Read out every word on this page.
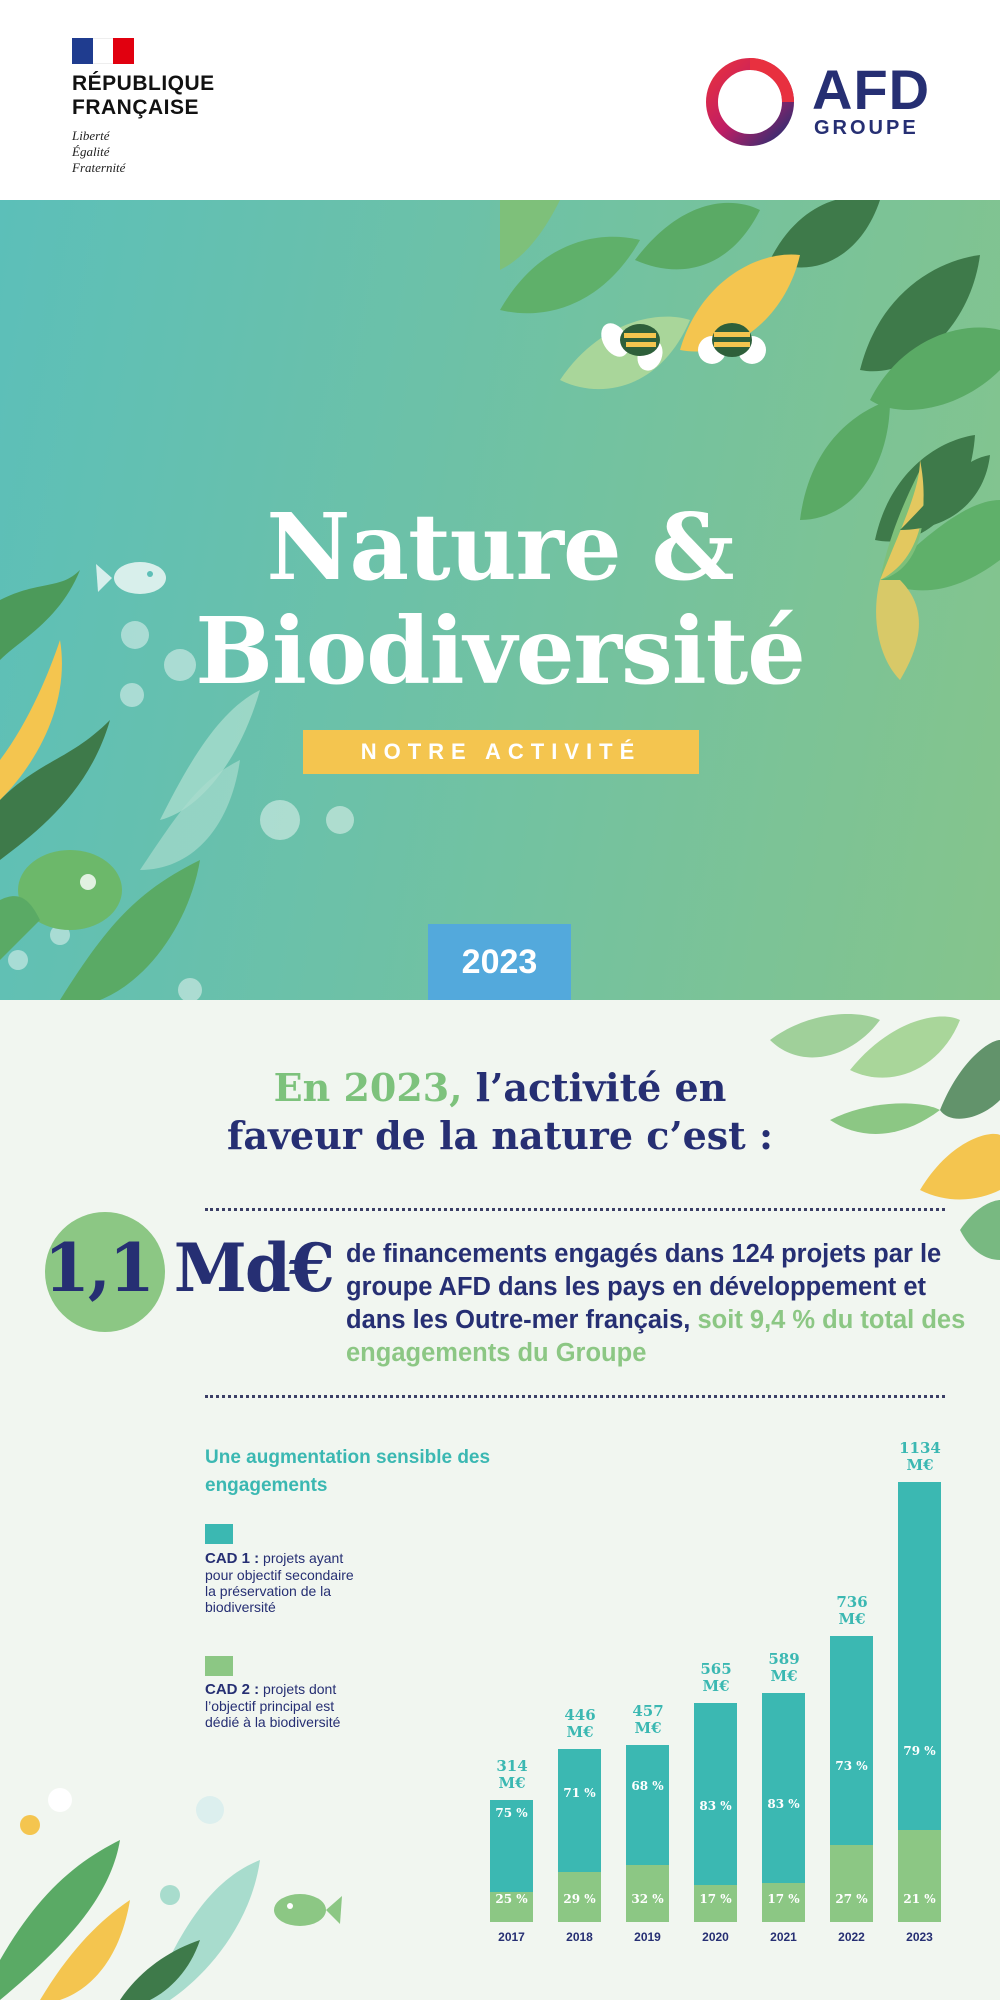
RÉPUBLIQUE
FRANÇAISE
Liberté
Égalité
Fraternité
AFD
GROUPE
Nature &
Biodiversité
NOTRE ACTIVITÉ
2023
En 2023, l’activité en
faveur de la nature c’est :
1,1 Md€ de financements engagés dans 124 projets par le groupe AFD dans les pays en développement et dans les Outre-mer français, soit 9,4 % du total des engagements du Groupe
Une augmentation sensible des engagements
CAD 1 : projets ayant pour objectif secondaire la préservation de la biodiversité
CAD 2 : projets dont l’objectif principal est dédié à la biodiversité
75 %
25 %
314
M€
2017
71 %
29 %
446
M€
2018
68 %
32 %
457
M€
2019
83 %
17 %
565
M€
2020
83 %
17 %
589
M€
2021
73 %
27 %
736
M€
2022
79 %
21 %
1134
M€
2023
